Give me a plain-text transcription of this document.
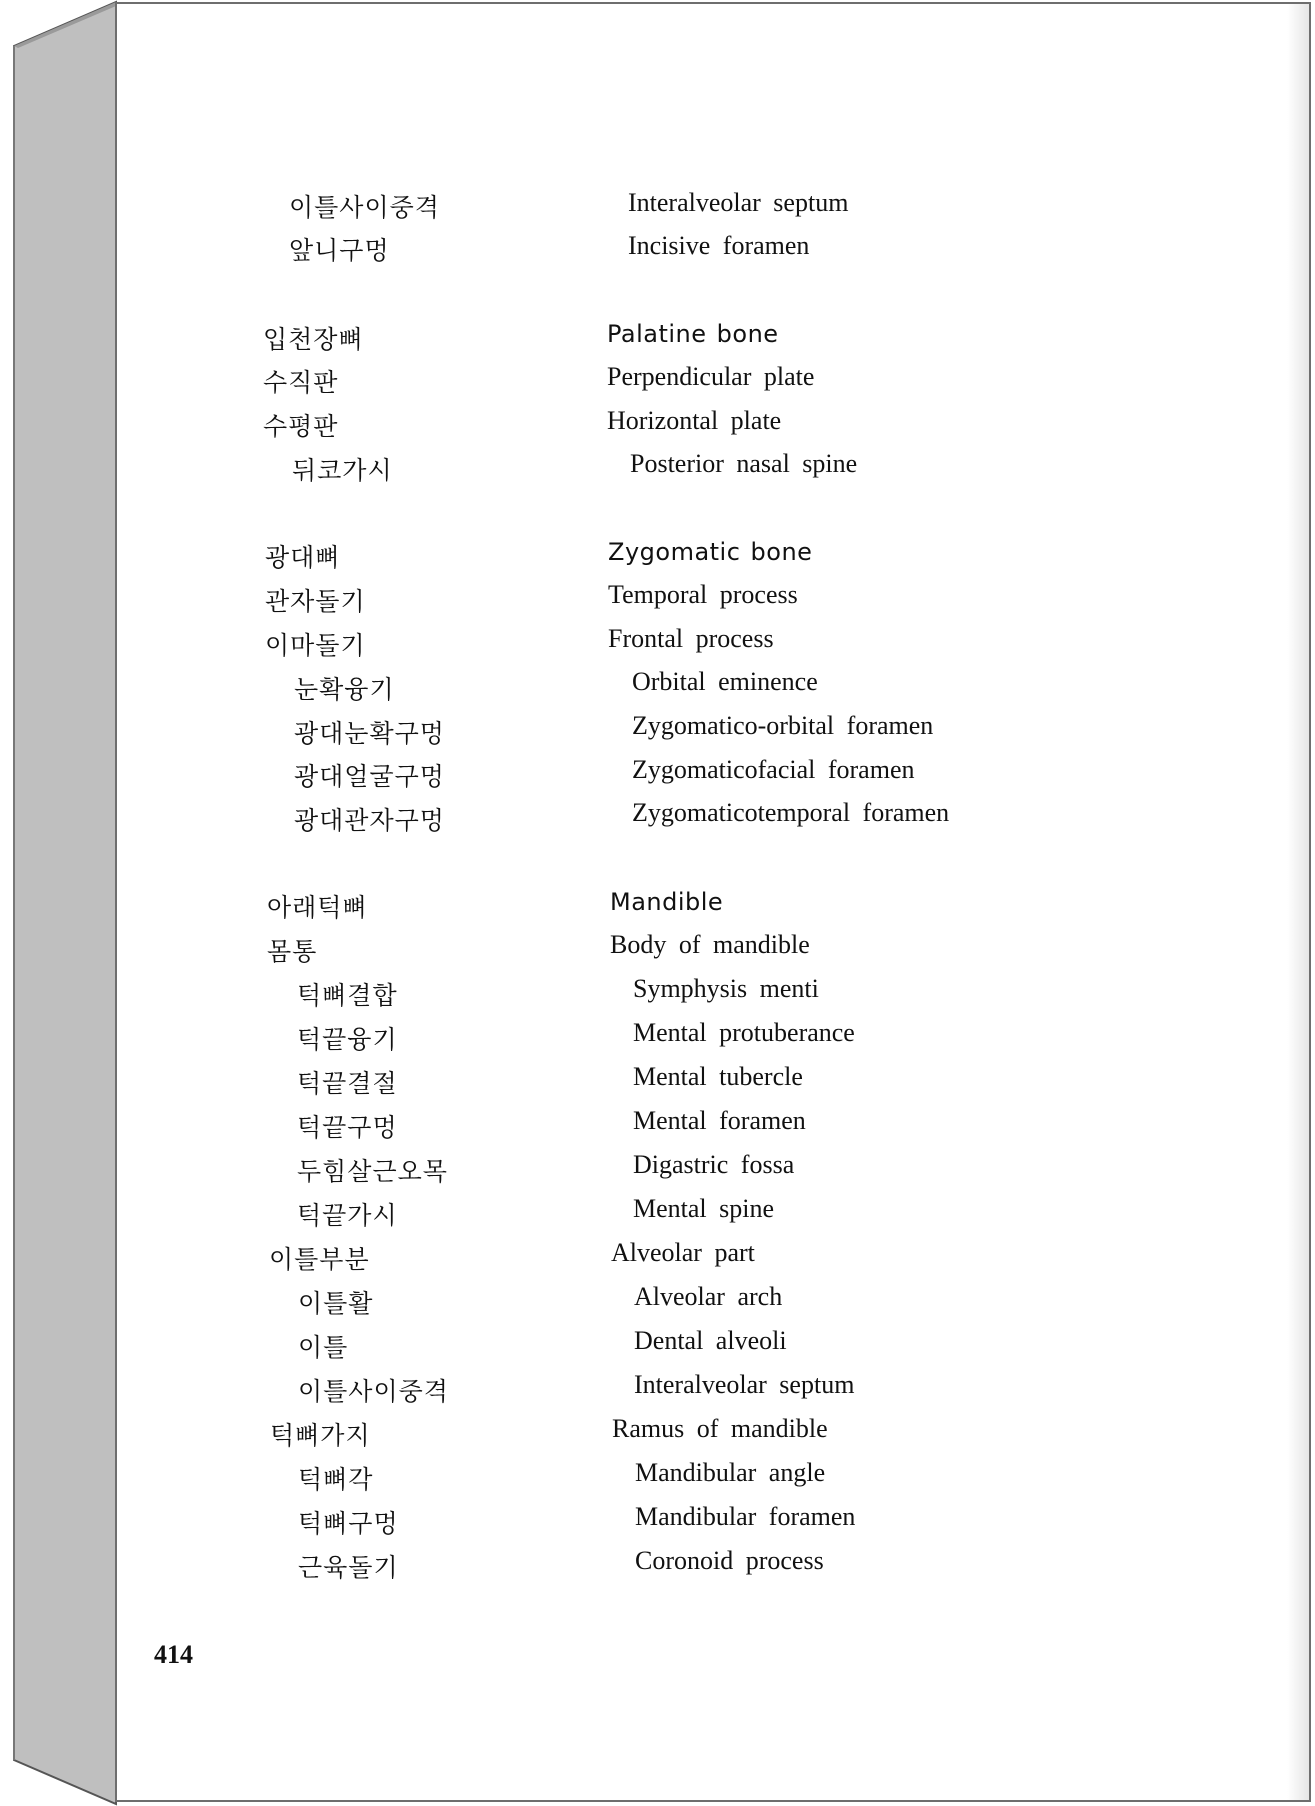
이틀사이중격	Interalveolar septum
앞니구멍	Incisive foramen
입천장뼈	Palatine bone
수직판	Perpendicular plate
수평판	Horizontal plate
뒤코가시	Posterior nasal spine
광대뼈	Zygomatic bone
관자돌기	Temporal process
이마돌기	Frontal process
눈확융기	Orbital eminence
광대눈확구멍	Zygomatico-orbital foramen
광대얼굴구멍	Zygomaticofacial foramen
광대관자구멍	Zygomaticotemporal foramen
아래턱뼈	Mandible
몸통	Body of mandible
턱뼈결합	Symphysis menti
턱끝융기	Mental protuberance
턱끝결절	Mental tubercle
턱끝구멍	Mental foramen
두힘살근오목	Digastric fossa
턱끝가시	Mental spine
이틀부분	Alveolar part
이틀활	Alveolar arch
이틀	Dental alveoli
이틀사이중격	Interalveolar septum
턱뼈가지	Ramus of mandible
턱뼈각	Mandibular angle
턱뼈구멍	Mandibular foramen
근육돌기	Coronoid process
414
